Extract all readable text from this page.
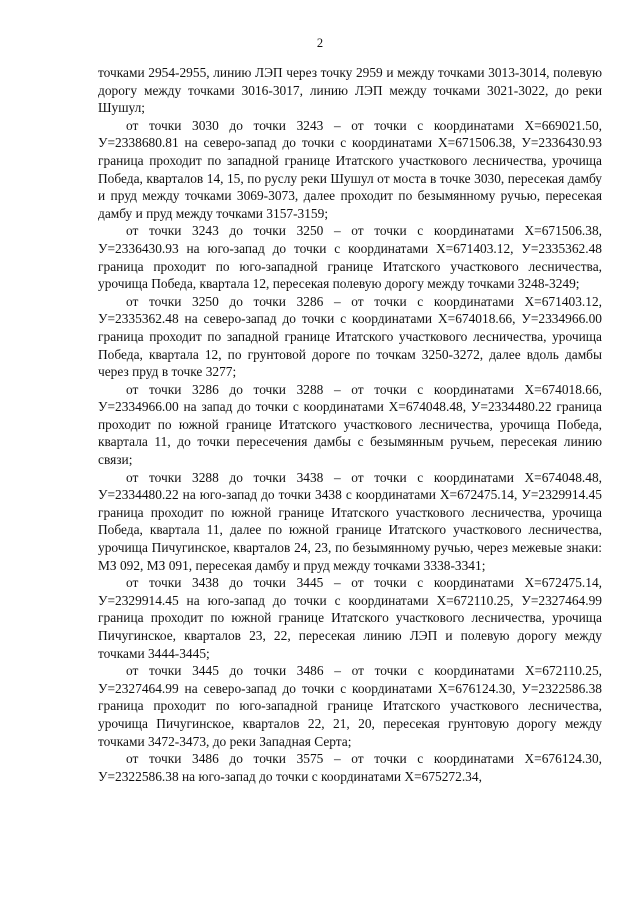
2

точками 2954-2955, линию ЛЭП через точку 2959 и между точками 3013-3014, полевую дорогу между точками 3016-3017, линию ЛЭП между точками 3021-3022, до реки Шушул;

от точки 3030 до точки 3243 – от точки с координатами Х=669021.50, У=2338680.81 на северо-запад до точки с координатами Х=671506.38, У=2336430.93 граница проходит по западной границе Итатского участкового лесничества, урочища Победа, кварталов 14, 15, по руслу реки Шушул от моста в точке 3030, пересекая дамбу и пруд между точками 3069-3073, далее проходит по безымянному ручью, пересекая дамбу и пруд между точками 3157-3159;

от точки 3243 до точки 3250 – от точки с координатами Х=671506.38, У=2336430.93 на юго-запад до точки с координатами Х=671403.12, У=2335362.48 граница проходит по юго-западной границе Итатского участкового лесничества, урочища Победа, квартала 12, пересекая полевую дорогу между точками 3248-3249;

от точки 3250 до точки 3286 – от точки с координатами Х=671403.12, У=2335362.48 на северо-запад до точки с координатами Х=674018.66, У=2334966.00 граница проходит по западной границе Итатского участкового лесничества, урочища Победа, квартала 12, по грунтовой дороге по точкам 3250-3272, далее вдоль дамбы через пруд в точке 3277;

от точки 3286 до точки 3288 – от точки с координатами Х=674018.66, У=2334966.00 на запад до точки с координатами Х=674048.48, У=2334480.22 граница проходит по южной границе Итатского участкового лесничества, урочища Победа, квартала 11, до точки пересечения дамбы с безымянным ручьем, пересекая линию связи;

от точки 3288 до точки 3438 – от точки с координатами Х=674048.48, У=2334480.22 на юго-запад до точки 3438 с координатами Х=672475.14, У=2329914.45 граница проходит по южной границе Итатского участкового лесничества, урочища Победа, квартала 11, далее по южной границе Итатского участкового лесничества, урочища Пичугинское, кварталов 24, 23, по безымянному ручью, через межевые знаки: МЗ 092, МЗ 091, пересекая дамбу и пруд между точками 3338-3341;

от точки 3438 до точки 3445 – от точки с координатами Х=672475.14, У=2329914.45 на юго-запад до точки с координатами Х=672110.25, У=2327464.99 граница проходит по южной границе Итатского участкового лесничества, урочища Пичугинское, кварталов 23, 22, пересекая линию ЛЭП и полевую дорогу между точками 3444-3445;

от точки 3445 до точки 3486 – от точки с координатами Х=672110.25, У=2327464.99 на северо-запад до точки с координатами Х=676124.30, У=2322586.38 граница проходит по юго-западной границе Итатского участкового лесничества, урочища Пичугинское, кварталов 22, 21, 20, пересекая грунтовую дорогу между точками 3472-3473, до реки Западная Серта;

от точки 3486 до точки 3575 – от точки с координатами Х=676124.30, У=2322586.38 на юго-запад до точки с координатами Х=675272.34,
